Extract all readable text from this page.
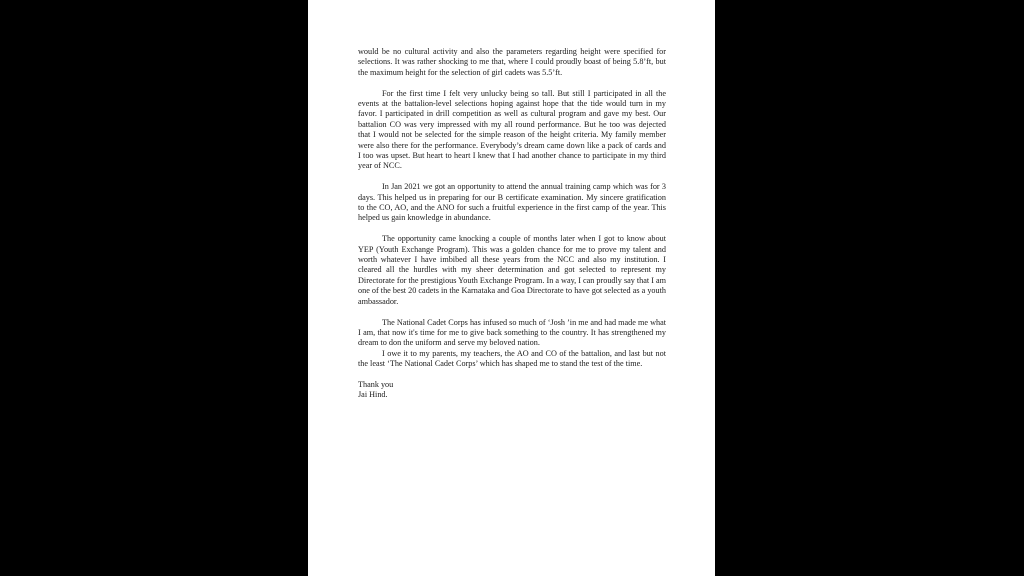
would be no cultural activity and also the parameters regarding height were specified for selections. It was rather shocking to me that, where I could proudly boast of being 5.8’ft, but the maximum height for the selection of girl cadets was 5.5’ft.

For the first time I felt very unlucky being so tall. But still I participated in all the events at the battalion-level selections hoping against hope that the tide would turn in my favor. I participated in drill competition as well as cultural program and gave my best. Our battalion CO was very impressed with my all round performance. But he too was dejected that I would not be selected for the simple reason of the height criteria. My family member were also there for the performance. Everybody’s dream came down like a pack of cards and I too was upset. But heart to heart I knew that I had another chance to participate in my third year of NCC.

In Jan 2021 we got an opportunity to attend the annual training camp which was for 3 days. This helped us in preparing for our B certificate examination. My sincere gratification to the CO, AO, and the ANO for such a fruitful experience in the first camp of the year. This helped us gain knowledge in abundance.

The opportunity came knocking a couple of months later when I got to know about YEP (Youth Exchange Program). This was a golden chance for me to prove my talent and worth whatever I have imbibed all these years from the NCC and also my institution. I cleared all the hurdles with my sheer determination and got selected to represent my Directorate for the prestigious Youth Exchange Program. In a way, I can proudly say that I am one of the best 20 cadets in the Karnataka and Goa Directorate to have got selected as a youth ambassador.

The National Cadet Corps has infused so much of ‘Josh ’in me and had made me what I am, that now it's time for me to give back something to the country. It has strengthened my dream to don the uniform and serve my beloved nation.

I owe it to my parents, my teachers, the AO and CO of the battalion, and last but not the least ‘The National Cadet Corps’ which has shaped me to stand the test of the time.

Thank you
Jai Hind.
